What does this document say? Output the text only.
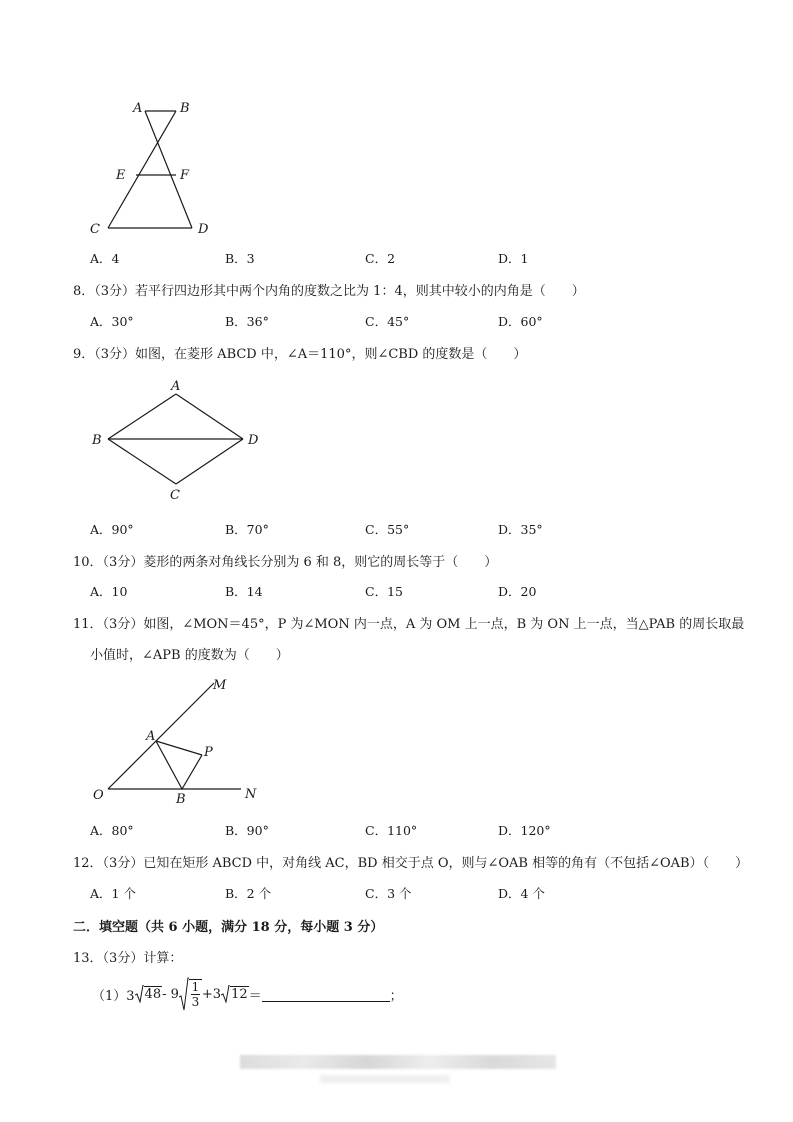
A	B
E	F
C	D
A．4	B．3	C．2	D．1
8．（3分）若平行四边形其中两个内角的度数之比为 1：4，则其中较小的内角是（　　）
A．30°	B．36°	C．45°	D．60°
9．（3分）如图，在菱形 ABCD 中，∠A＝110°，则∠CBD 的度数是（　　）
A
B	D
C
A．90°	B．70°	C．55°	D．35°
10．（3分）菱形的两条对角线长分别为 6 和 8，则它的周长等于（　　）
A．10	B．14	C．15	D．20
11．（3分）如图，∠MON＝45°，P 为∠MON 内一点，A 为 OM 上一点，B 为 ON 上一点，当△PAB 的周长取最
小值时，∠APB 的度数为（　　）
M
A
P
O	B	N
A．80°	B．90°	C．110°	D．120°
12．（3分）已知在矩形 ABCD 中，对角线 AC，BD 相交于点 O，则与∠OAB 相等的角有（不包括∠OAB）（　　）
A．1 个	B．2 个	C．3 个	D．4 个
二．填空题（共 6 小题，满分 18 分，每小题 3 分）
13．（3分）计算：
（1）3 $48 - 9 \frac{1}{3} +3$ 12 ＝	；
